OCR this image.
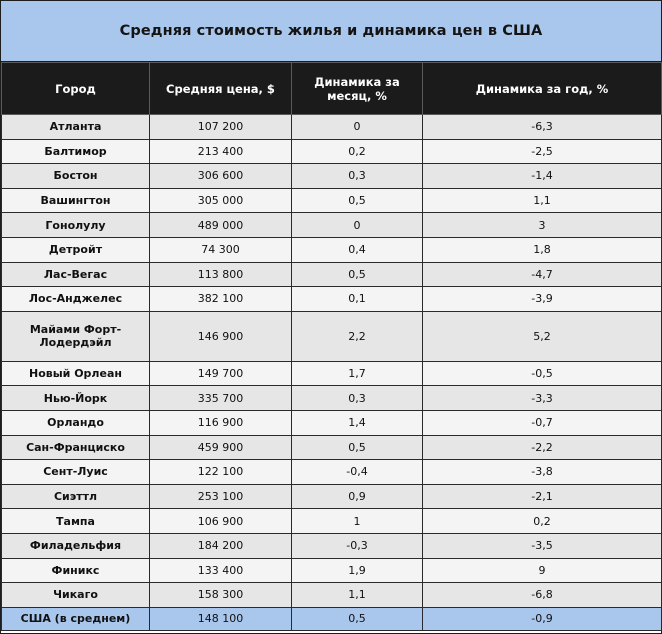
Средняя стоимость жилья и динамика цен в США
Город	Средняя цена, $	Динамика за месяц, %	Динамика за год, %
Атланта	107 200	0	-6,3
Балтимор	213 400	0,2	-2,5
Бостон	306 600	0,3	-1,4
Вашингтон	305 000	0,5	1,1
Гонолулу	489 000	0	3
Детройт	74 300	0,4	1,8
Лас-Вегас	113 800	0,5	-4,7
Лос-Анджелес	382 100	0,1	-3,9
Майами Форт-Лодердэйл	146 900	2,2	5,2
Новый Орлеан	149 700	1,7	-0,5
Нью-Йорк	335 700	0,3	-3,3
Орландо	116 900	1,4	-0,7
Сан-Франциско	459 900	0,5	-2,2
Сент-Луис	122 100	-0,4	-3,8
Сиэттл	253 100	0,9	-2,1
Тампа	106 900	1	0,2
Филадельфия	184 200	-0,3	-3,5
Финикс	133 400	1,9	9
Чикаго	158 300	1,1	-6,8
США (в среднем)	148 100	0,5	-0,9
